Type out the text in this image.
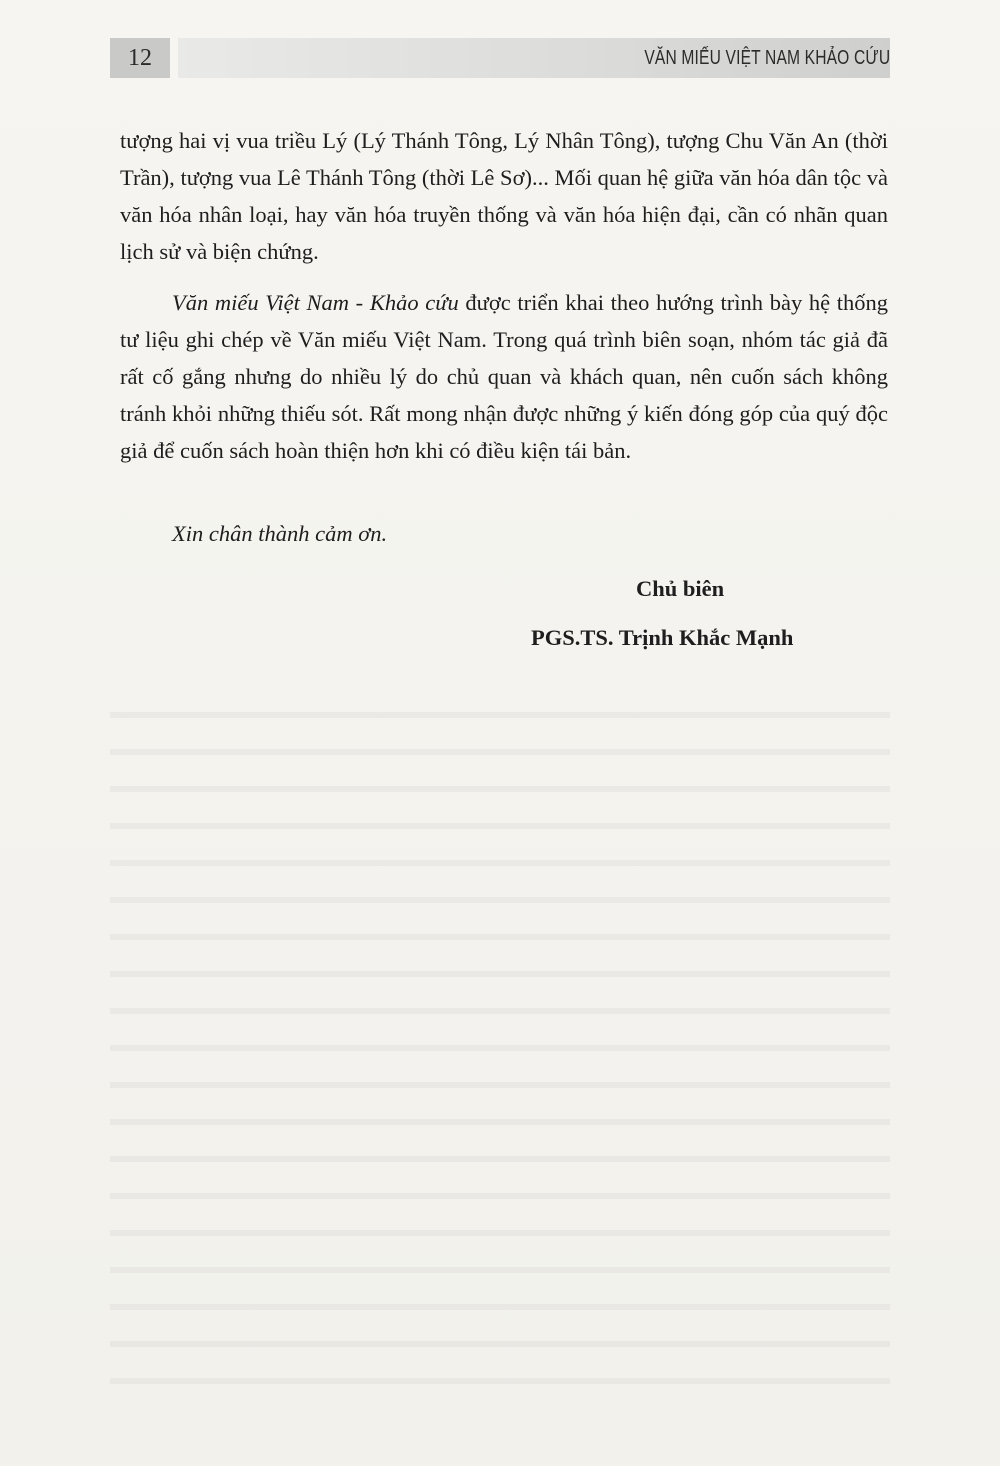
12	VĂN MIẾU VIỆT NAM KHẢO CỨU

tượng hai vị vua triều Lý (Lý Thánh Tông, Lý Nhân Tông), tượng Chu Văn An (thời Trần), tượng vua Lê Thánh Tông (thời Lê Sơ)... Mối quan hệ giữa văn hóa dân tộc và văn hóa nhân loại, hay văn hóa truyền thống và văn hóa hiện đại, cần có nhãn quan lịch sử và biện chứng.

Văn miếu Việt Nam - Khảo cứu được triển khai theo hướng trình bày hệ thống tư liệu ghi chép về Văn miếu Việt Nam. Trong quá trình biên soạn, nhóm tác giả đã rất cố gắng nhưng do nhiều lý do chủ quan và khách quan, nên cuốn sách không tránh khỏi những thiếu sót. Rất mong nhận được những ý kiến đóng góp của quý độc giả để cuốn sách hoàn thiện hơn khi có điều kiện tái bản.

Xin chân thành cảm ơn.
Chủ biên
PGS.TS. Trịnh Khắc Mạnh
